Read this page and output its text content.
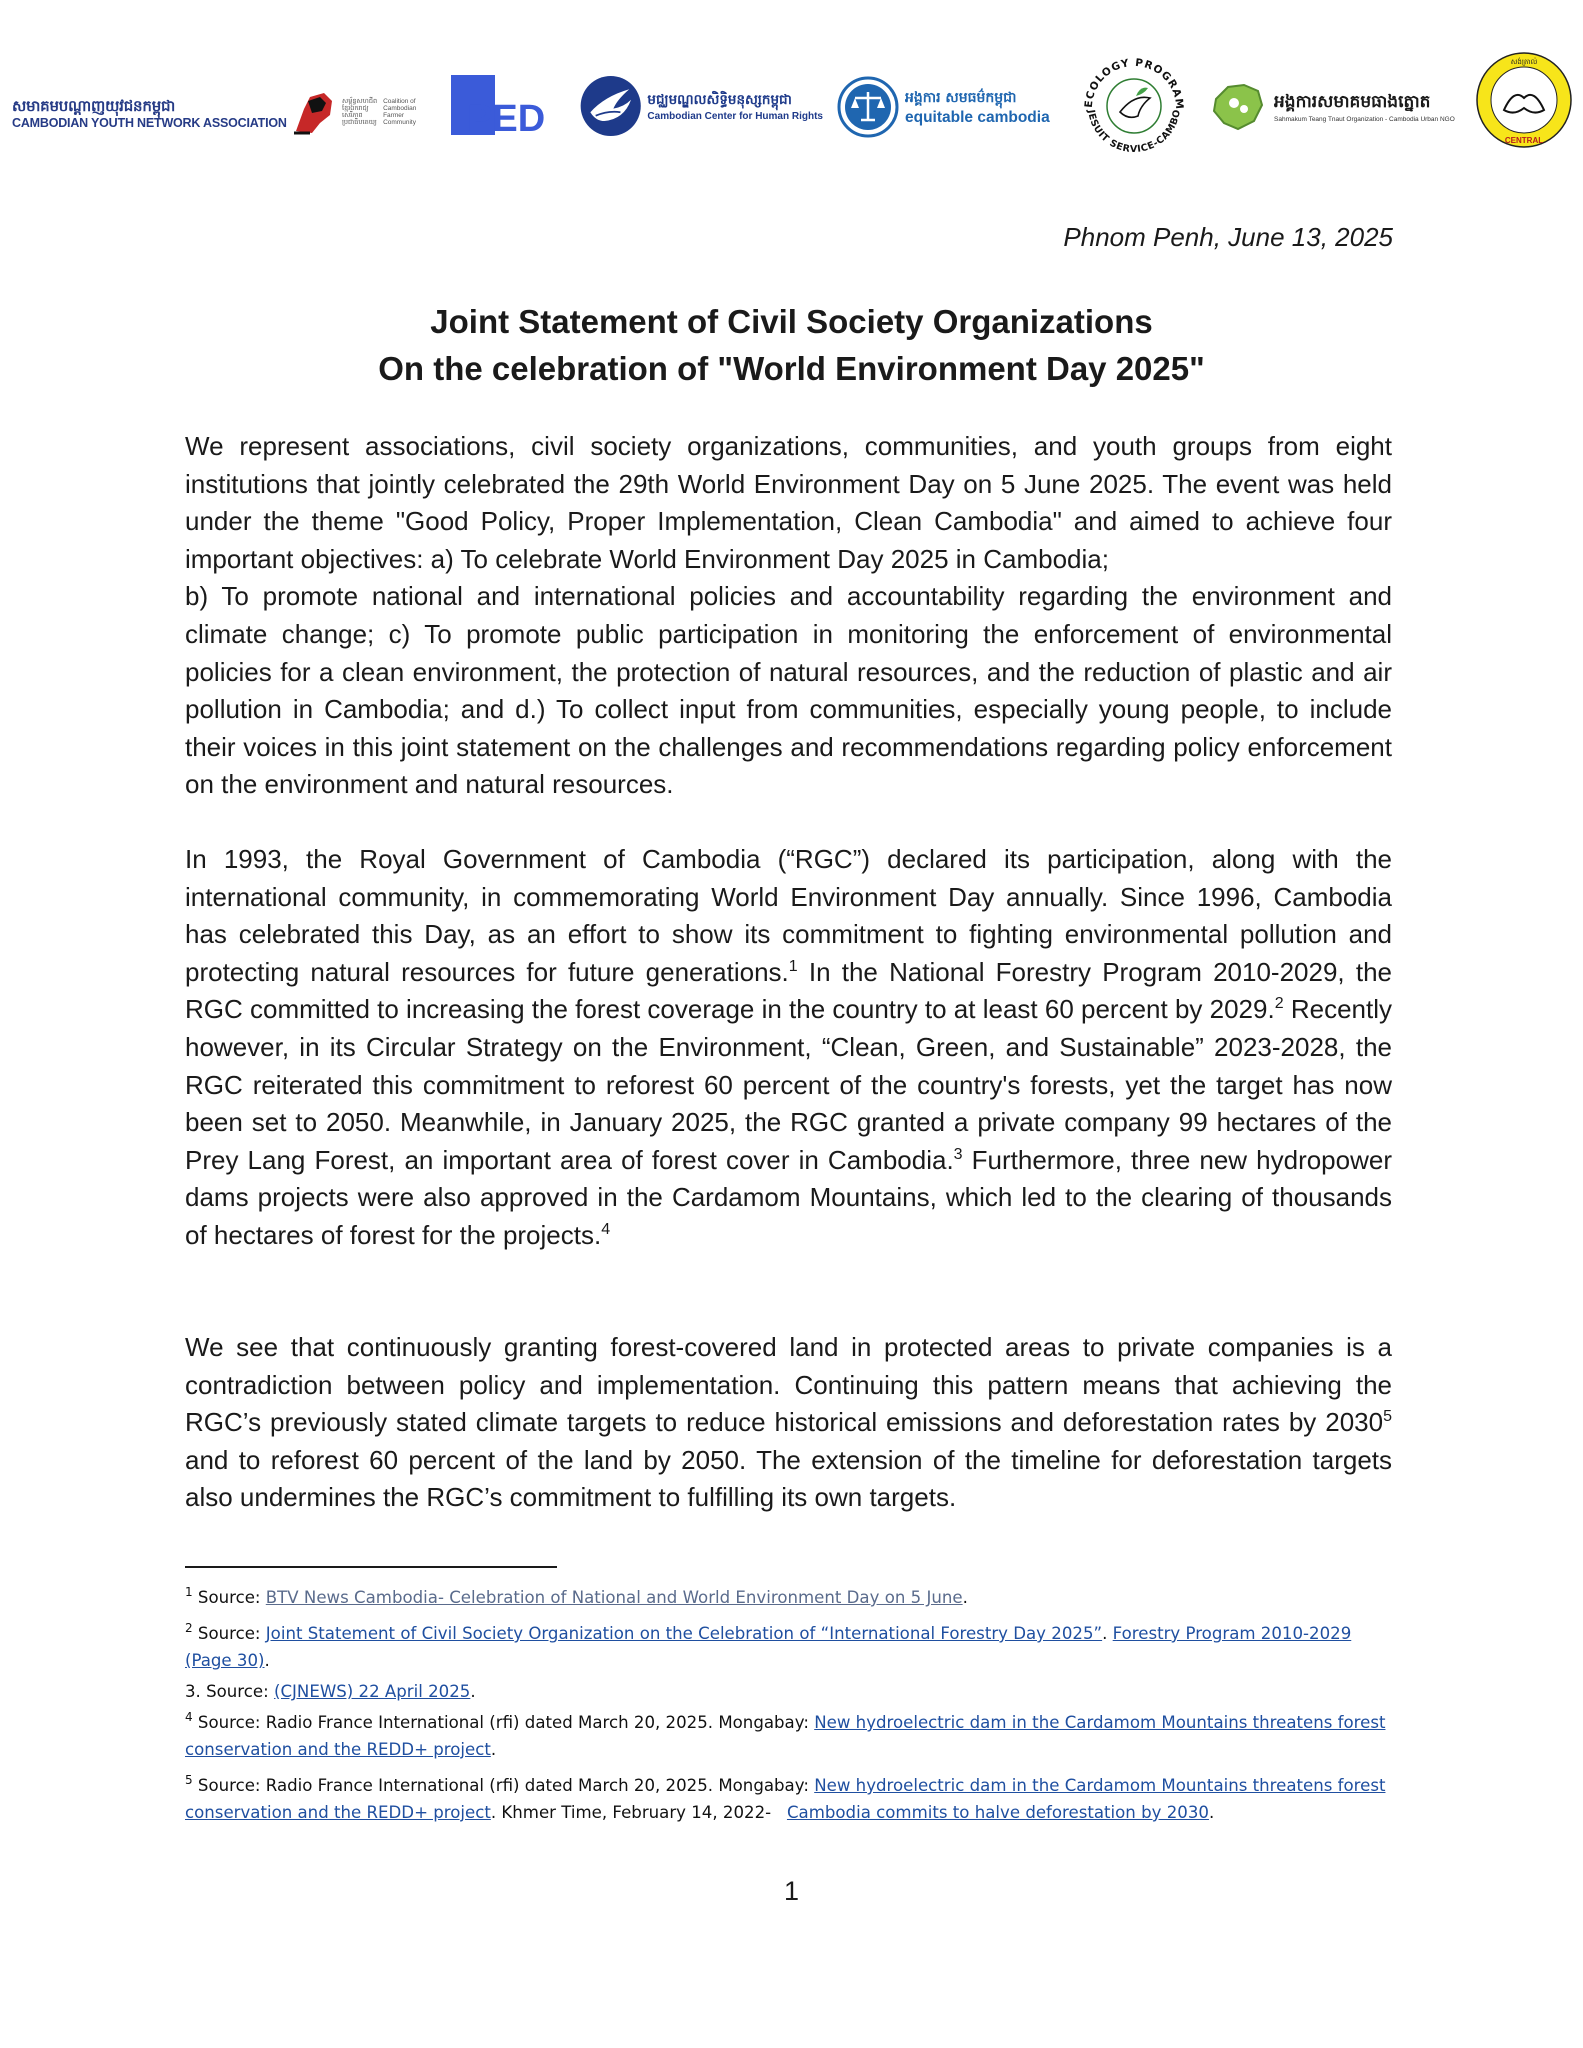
សមាគមបណ្ដាញយុវជនកម្ពុជា
CAMBODIAN YOUTH NETWORK ASSOCIATION
សម្ព័ន្ធសហជីព
ខ្មែរ​ឯករាជ្យ
សេរីភាព
ប្រជាធិបតេយ្យ
Coalition of
Cambodian
Farmer
Community PED	មជ្ឈមណ្ឌលសិទ្ធិមនុស្សកម្ពុជា
Cambodian Center for Human Rights
អង្គការ សមធម៌កម្ពុជា
equitable cambodia
ECOLOGY PROGRAM
JESUIT SERVICE-CAMBO
អង្គការសមាគមធាងត្នោត
Sahmakum Teang Tnaut Organization - Cambodia Urban NGO
សង់ត្រាល់
CENTRAL
Phnom Penh, June 13, 2025
Joint Statement of Civil Society Organizations
On the celebration of "World Environment Day 2025"

We represent associations, civil society organizations, communities, and youth groups from eight institutions that jointly celebrated the 29th World Environment Day on 5 June 2025. The event was held under the theme "Good Policy, Proper Implementation, Clean Cambodia" and aimed to achieve four important objectives: a) To celebrate World Environment Day 2025 in Cambodia;

b) To promote national and international policies and accountability regarding the environment and climate change; c) To promote public participation in monitoring the enforcement of environmental policies for a clean environment, the protection of natural resources, and the reduction of plastic and air pollution in Cambodia; and d.) To collect input from communities, especially young people, to include their voices in this joint statement on the challenges and recommendations regarding policy enforcement on the environment and natural resources.

In 1993, the Royal Government of Cambodia (“RGC”) declared its participation, along with the international community, in commemorating World Environment Day annually. Since 1996, Cambodia has celebrated this Day, as an effort to show its commitment to fighting environmental pollution and protecting natural resources for future generations.$^1$ In the National Forestry Program 2010-2029, the RGC committed to increasing the forest coverage in the country to at least 60 percent by 2029.$^2$ Recently however, in its Circular Strategy on the Environment, “Clean, Green, and Sustainable” 2023-2028, the RGC reiterated this commitment to reforest 60 percent of the country's forests, yet the target has now been set to 2050. Meanwhile, in January 2025, the RGC granted a private company 99 hectares of the Prey Lang Forest, an important area of forest cover in Cambodia.$^3$ Furthermore, three new hydropower dams projects were also approved in the Cardamom Mountains, which led to the clearing of thousands of hectares of forest for the projects.$^4$

We see that continuously granting forest-covered land in protected areas to private companies is a contradiction between policy and implementation. Continuing this pattern means that achieving the RGC’s previously stated climate targets to reduce historical emissions and deforestation rates by 2030$^5$ and to reforest 60 percent of the land by 2050. The extension of the timeline for deforestation targets also undermines the RGC’s commitment to fulfilling its own targets.

$^1$ Source: BTV News Cambodia- Celebration of National and World Environment Day on 5 June.

$^2$ Source: Joint Statement of Civil Society Organization on the Celebration of “International Forestry Day 2025”. Forestry Program 2010-2029 (Page 30).

3. Source: (CJNEWS) 22 April 2025.

$^4$ Source: Radio France International (rfi) dated March 20, 2025. Mongabay: New hydroelectric dam in the Cardamom Mountains threatens forest conservation and the REDD+ project.

$^5$ Source: Radio France International (rfi) dated March 20, 2025. Mongabay: New hydroelectric dam in the Cardamom Mountains threatens forest conservation and the REDD+ project. Khmer Time, February 14, 2022-   Cambodia commits to halve deforestation by 2030.

1
